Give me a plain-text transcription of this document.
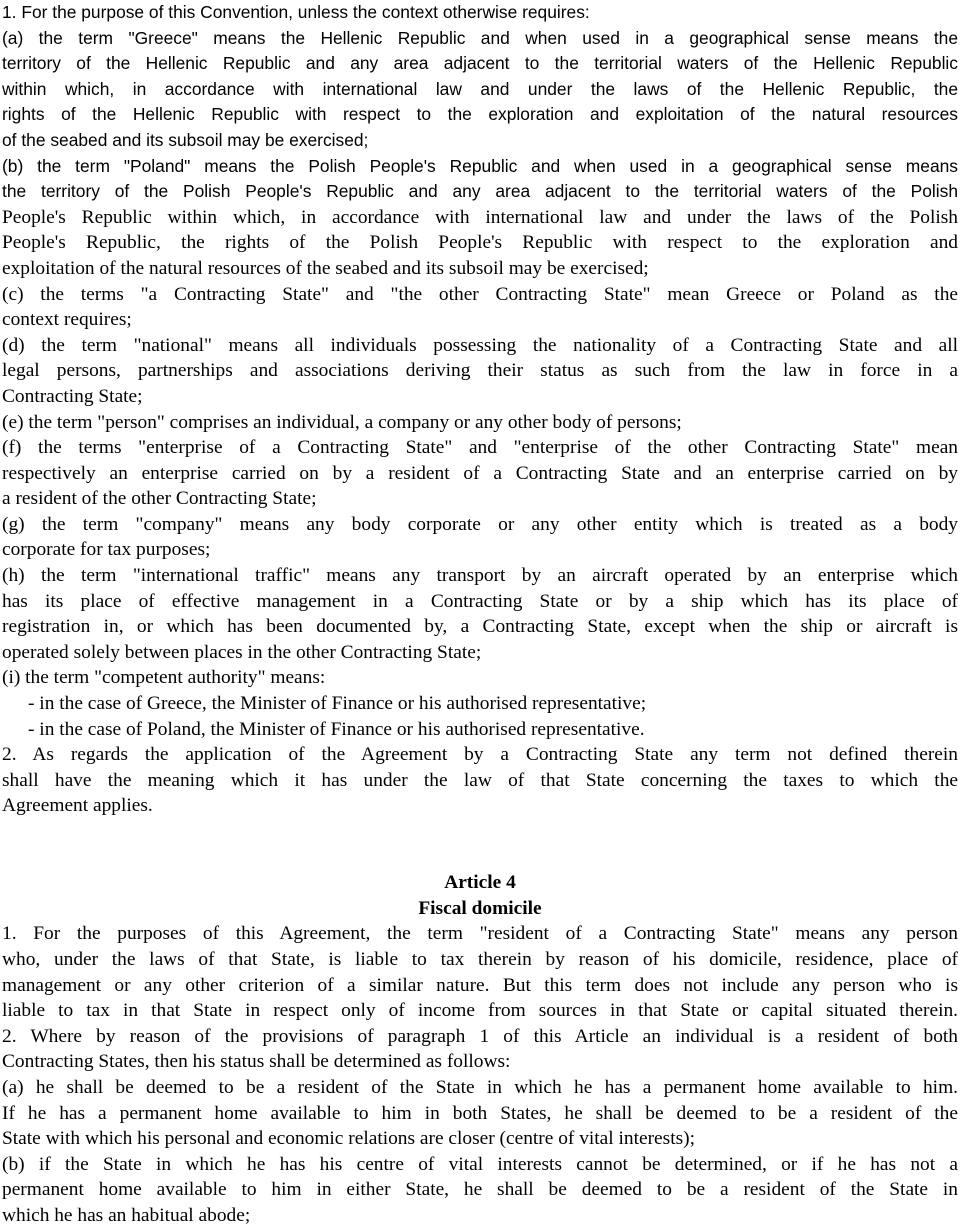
1. For the purpose of this Convention, unless the context otherwise requires:
(a) the term "Greece" means the Hellenic Republic and when used in a geographical sense means the
territory of the Hellenic Republic and any area adjacent to the territorial waters of the Hellenic Republic
within which, in accordance with international law and under the laws of the Hellenic Republic, the
rights of the Hellenic Republic with respect to the exploration and exploitation of the natural resources
of the seabed and its subsoil may be exercised;
(b) the term "Poland" means the Polish People's Republic and when used in a geographical sense means
the territory of the Polish People's Republic and any area adjacent to the territorial waters of the Polish
People's Republic within which, in accordance with international law and under the laws of the Polish
People's Republic, the rights of the Polish People's Republic with respect to the exploration and
exploitation of the natural resources of the seabed and its subsoil may be exercised;
(c) the terms "a Contracting State" and "the other Contracting State" mean Greece or Poland as the
context requires;
(d) the term "national" means all individuals possessing the nationality of a Contracting State and all
legal persons, partnerships and associations deriving their status as such from the law in force in a
Contracting State;
(e) the term "person" comprises an individual, a company or any other body of persons;
(f) the terms "enterprise of a Contracting State" and "enterprise of the other Contracting State" mean
respectively an enterprise carried on by a resident of a Contracting State and an enterprise carried on by
a resident of the other Contracting State;
(g) the term "company" means any body corporate or any other entity which is treated as a body
corporate for tax purposes;
(h) the term "international traffic" means any transport by an aircraft operated by an enterprise which
has its place of effective management in a Contracting State or by a ship which has its place of
registration in, or which has been documented by, a Contracting State, except when the ship or aircraft is
operated solely between places in the other Contracting State;
(i) the term "competent authority" means:
- in the case of Greece, the Minister of Finance or his authorised representative;
- in the case of Poland, the Minister of Finance or his authorised representative.
2. As regards the application of the Agreement by a Contracting State any term not defined therein
shall have the meaning which it has under the law of that State concerning the taxes to which the
Agreement applies.
Article 4
Fiscal domicile
1. For the purposes of this Agreement, the term "resident of a Contracting State" means any person
who, under the laws of that State, is liable to tax therein by reason of his domicile, residence, place of
management or any other criterion of a similar nature. But this term does not include any person who is
liable to tax in that State in respect only of income from sources in that State or capital situated therein.
2. Where by reason of the provisions of paragraph 1 of this Article an individual is a resident of both
Contracting States, then his status shall be determined as follows:
(a) he shall be deemed to be a resident of the State in which he has a permanent home available to him.
If he has a permanent home available to him in both States, he shall be deemed to be a resident of the
State with which his personal and economic relations are closer (centre of vital interests);
(b) if the State in which he has his centre of vital interests cannot be determined, or if he has not a
permanent home available to him in either State, he shall be deemed to be a resident of the State in
which he has an habitual abode;
